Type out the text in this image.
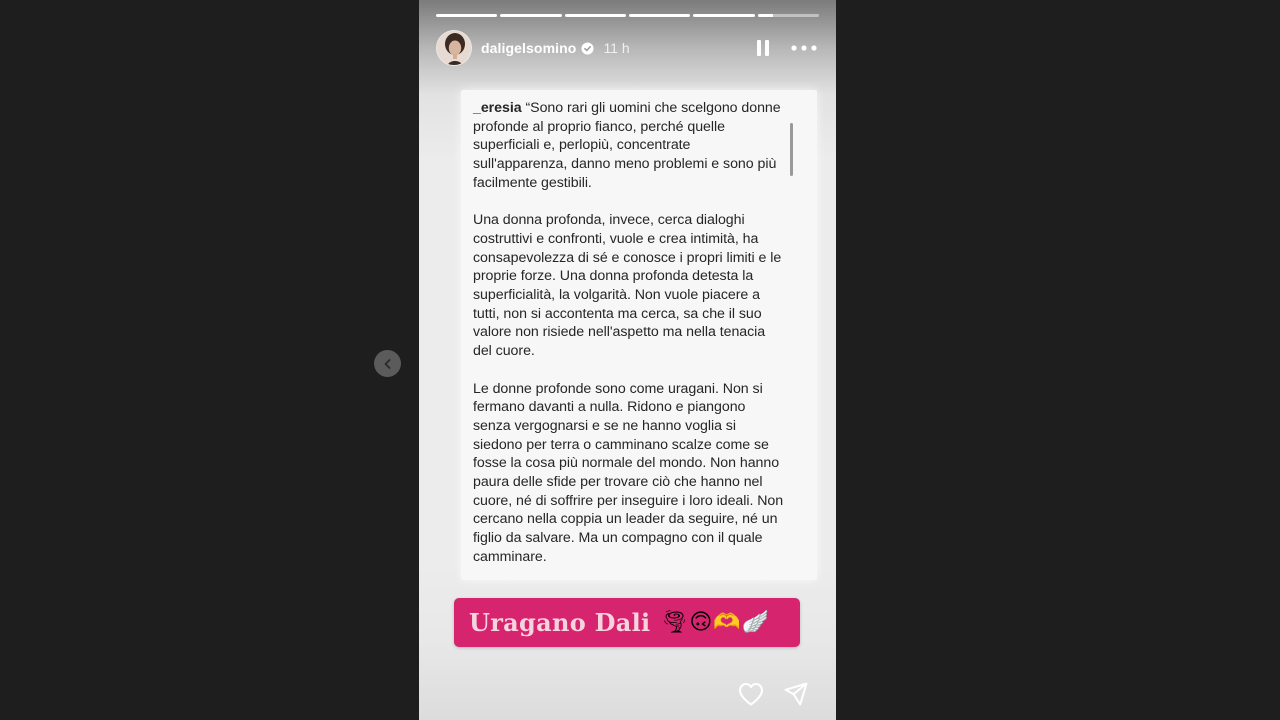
daligelsomino 11 h

_eresia “Sono rari gli uomini che scelgono donne profonde al proprio fianco, perché quelle superficiali e, perlopiù, concentrate sull'apparenza, danno meno problemi e sono più facilmente gestibili.

Una donna profonda, invece, cerca dialoghi costruttivi e confronti, vuole e crea intimità, ha consapevolezza di sé e conosce i propri limiti e le proprie forze. Una donna profonda detesta la superficialità, la volgarità. Non vuole piacere a tutti, non si accontenta ma cerca, sa che il suo valore non risiede nell'aspetto ma nella tenacia del cuore.

Le donne profonde sono come uragani. Non si fermano davanti a nulla. Ridono e piangono senza vergognarsi e se ne hanno voglia si siedono per terra o camminano scalze come se fosse la cosa più normale del mondo. Non hanno paura delle sfide per trovare ciò che hanno nel cuore, né di soffrire per inseguire i loro ideali. Non cercano nella coppia un leader da seguire, né un figlio da salvare. Ma un compagno con il quale camminare.

Uragano Dali 🌪🙃🫶🪽
